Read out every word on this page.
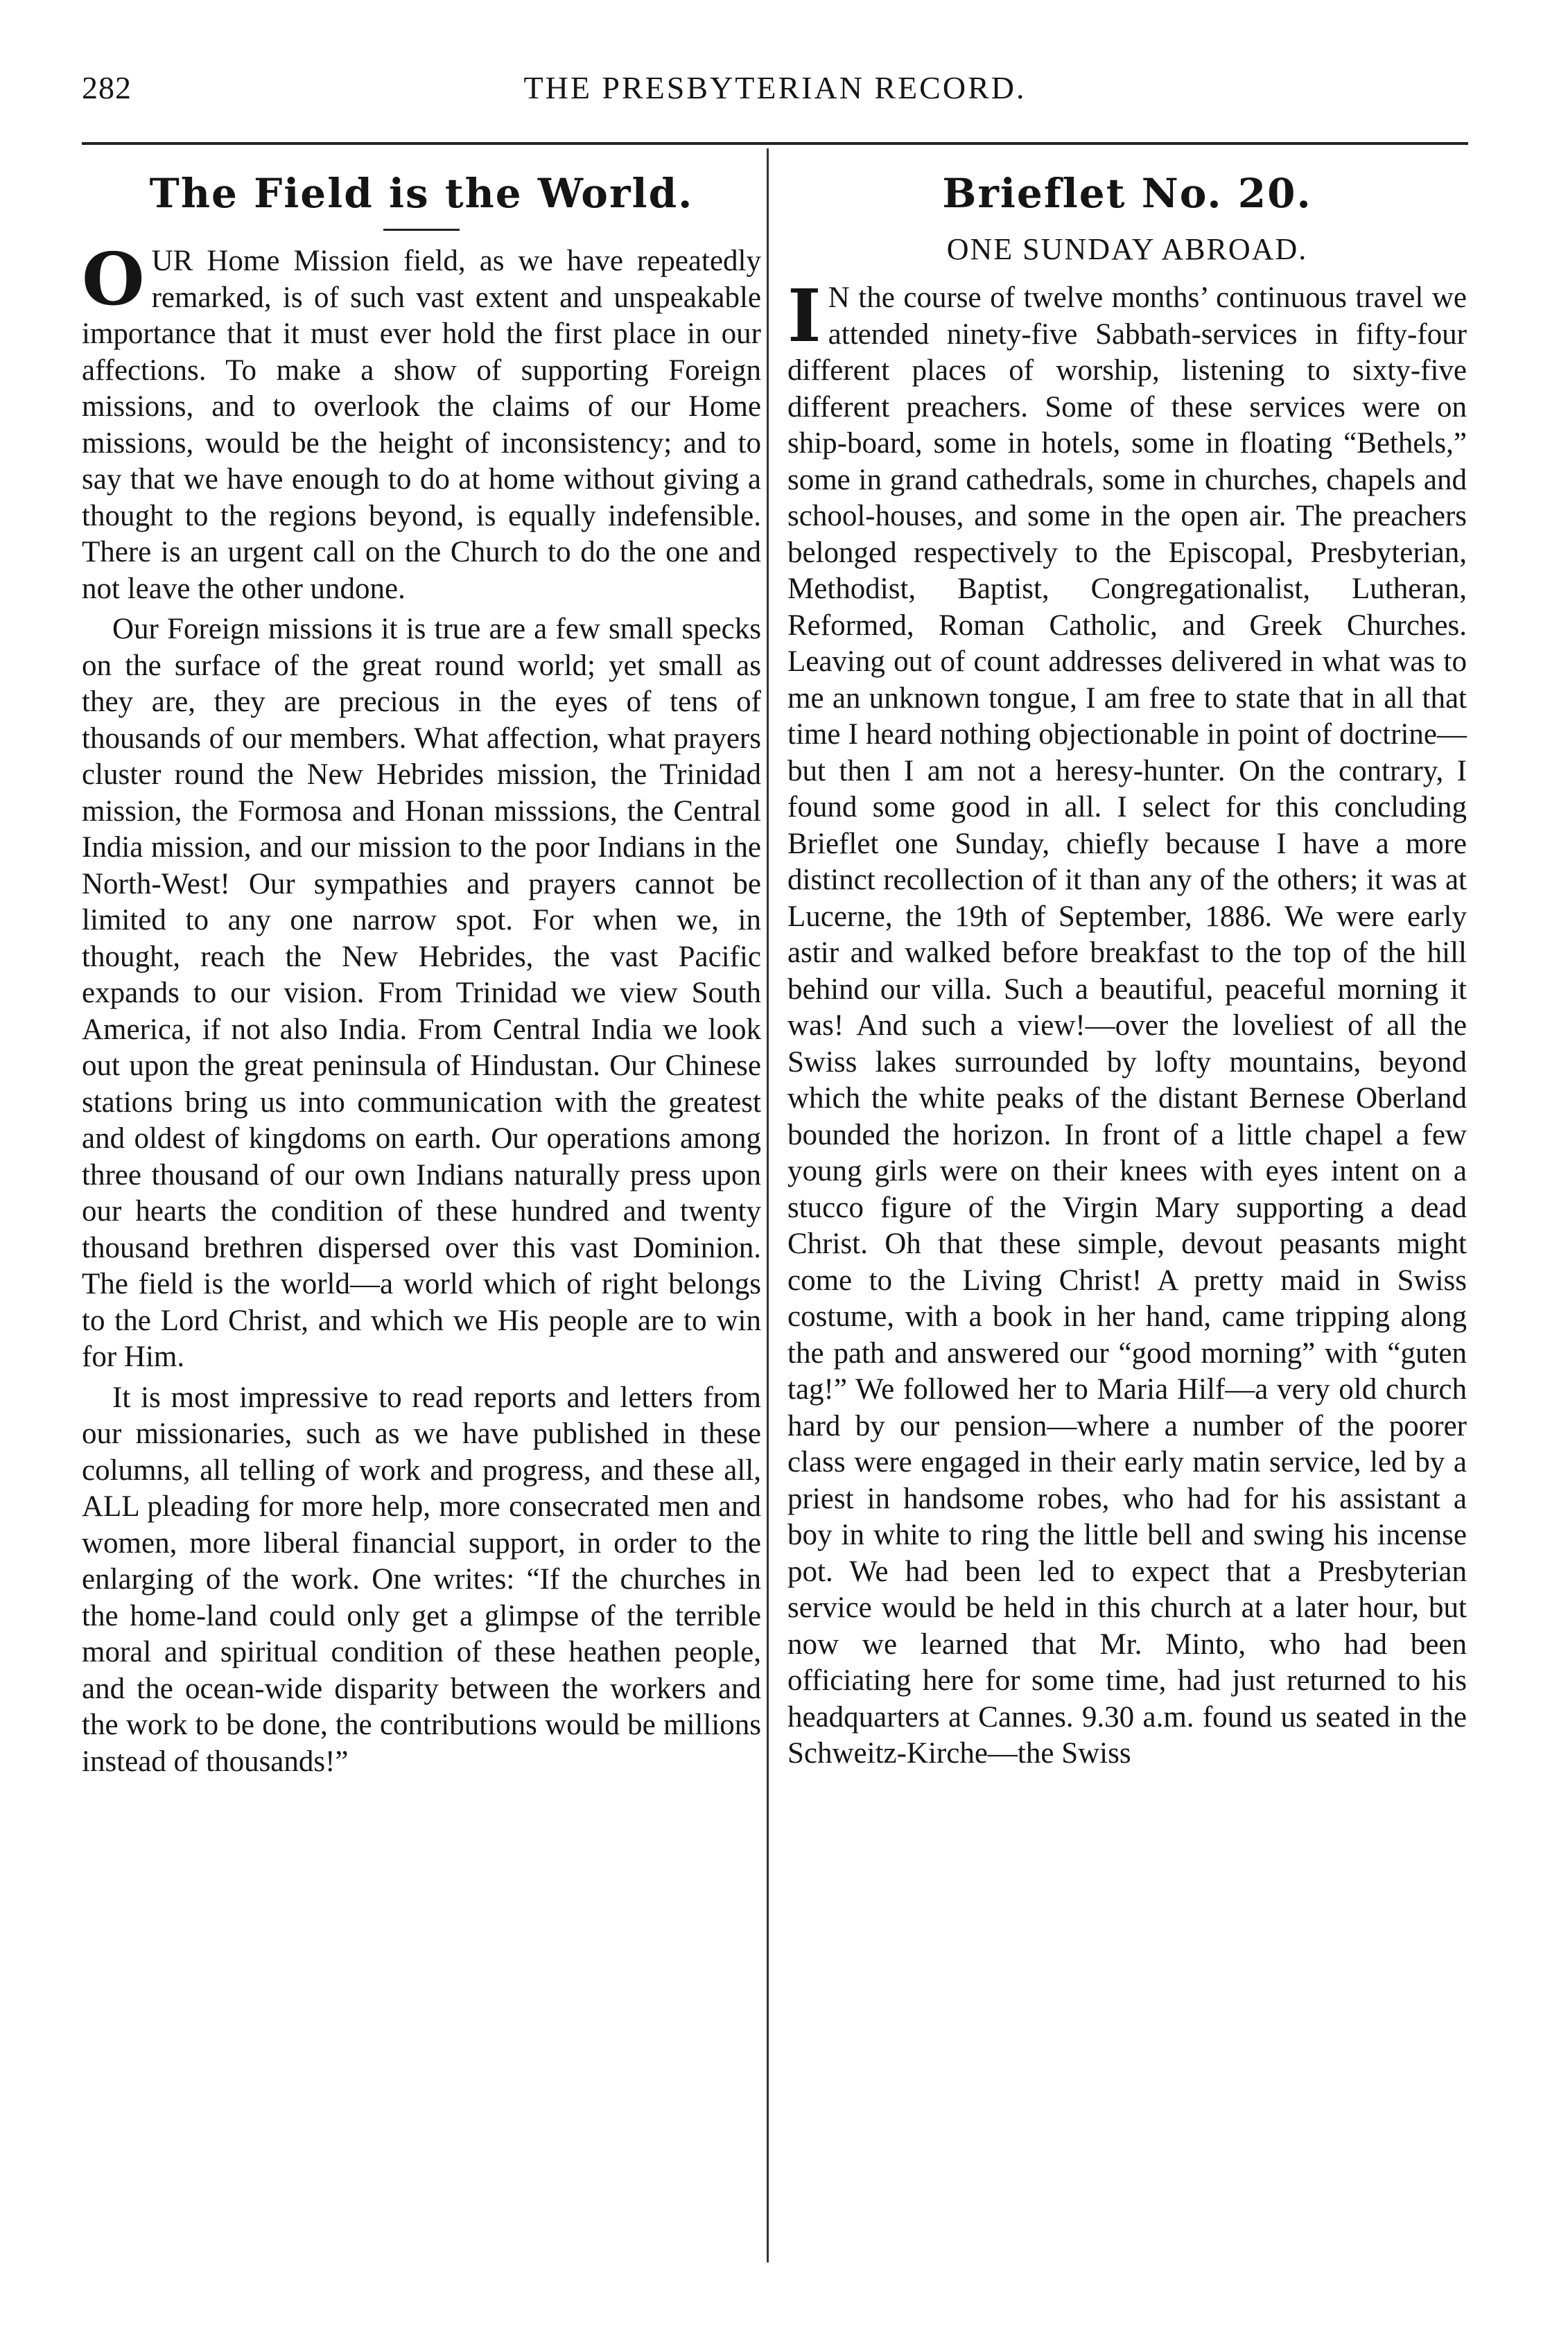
282	THE PRESBYTERIAN RECORD.
The Field is the World.

OUR Home Mission field, as we have repeatedly remarked, is of such vast extent and unspeakable importance that it must ever hold the first place in our affections. To make a show of supporting Foreign missions, and to overlook the claims of our Home missions, would be the height of inconsistency; and to say that we have enough to do at home without giving a thought to the regions beyond, is equally indefensible. There is an urgent call on the Church to do the one and not leave the other undone.

Our Foreign missions it is true are a few small specks on the surface of the great round world; yet small as they are, they are precious in the eyes of tens of thousands of our members. What affection, what prayers cluster round the New Hebrides mission, the Trinidad mission, the Formosa and Honan misssions, the Central India mission, and our mission to the poor Indians in the North-West! Our sympathies and prayers cannot be limited to any one narrow spot. For when we, in thought, reach the New Hebrides, the vast Pacific expands to our vision. From Trinidad we view South America, if not also India. From Central India we look out upon the great peninsula of Hindustan. Our Chinese stations bring us into communication with the greatest and oldest of kingdoms on earth. Our operations among three thousand of our own Indians naturally press upon our hearts the condition of these hundred and twenty thousand brethren dispersed over this vast Dominion. The field is the world—a world which of right belongs to the Lord Christ, and which we His people are to win for Him.

It is most impressive to read reports and letters from our missionaries, such as we have published in these columns, all telling of work and progress, and these all, ALL pleading for more help, more consecrated men and women, more liberal financial support, in order to the enlarging of the work. One writes: “If the churches in the home-land could only get a glimpse of the terrible moral and spiritual condition of these heathen people, and the ocean-wide disparity between the workers and the work to be done, the contributions would be millions instead of thousands!”

Brieflet No. 20.
ONE SUNDAY ABROAD.

I N the course of twelve months’ continuous travel we attended ninety-five Sabbath-services in fifty-four different places of worship, listening to sixty-five different preachers. Some of these services were on ship-board, some in hotels, some in floating “Bethels,” some in grand cathedrals, some in churches, chapels and school-houses, and some in the open air. The preachers belonged respectively to the Episcopal, Presbyterian, Methodist, Baptist, Congregationalist, Lutheran, Reformed, Roman Catholic, and Greek Churches. Leaving out of count addresses delivered in what was to me an unknown tongue, I am free to state that in all that time I heard nothing objectionable in point of doctrine—but then I am not a heresy-hunter. On the contrary, I found some good in all. I select for this concluding Brieflet one Sunday, chiefly because I have a more distinct recollection of it than any of the others; it was at Lucerne, the 19th of September, 1886. We were early astir and walked before breakfast to the top of the hill behind our villa. Such a beautiful, peaceful morning it was! And such a view!—over the loveliest of all the Swiss lakes surrounded by lofty mountains, beyond which the white peaks of the distant Bernese Oberland bounded the horizon. In front of a little chapel a few young girls were on their knees with eyes intent on a stucco figure of the Virgin Mary supporting a dead Christ. Oh that these simple, devout peasants might come to the Living Christ! A pretty maid in Swiss costume, with a book in her hand, came tripping along the path and answered our “good morning” with “guten tag!” We followed her to Maria Hilf—a very old church hard by our pension—where a number of the poorer class were engaged in their early matin service, led by a priest in handsome robes, who had for his assistant a boy in white to ring the little bell and swing his incense pot. We had been led to expect that a Presbyterian service would be held in this church at a later hour, but now we learned that Mr. Minto, who had been officiating here for some time, had just returned to his headquarters at Cannes. 9.30 a.m. found us seated in the Schweitz-Kirche—the Swiss
